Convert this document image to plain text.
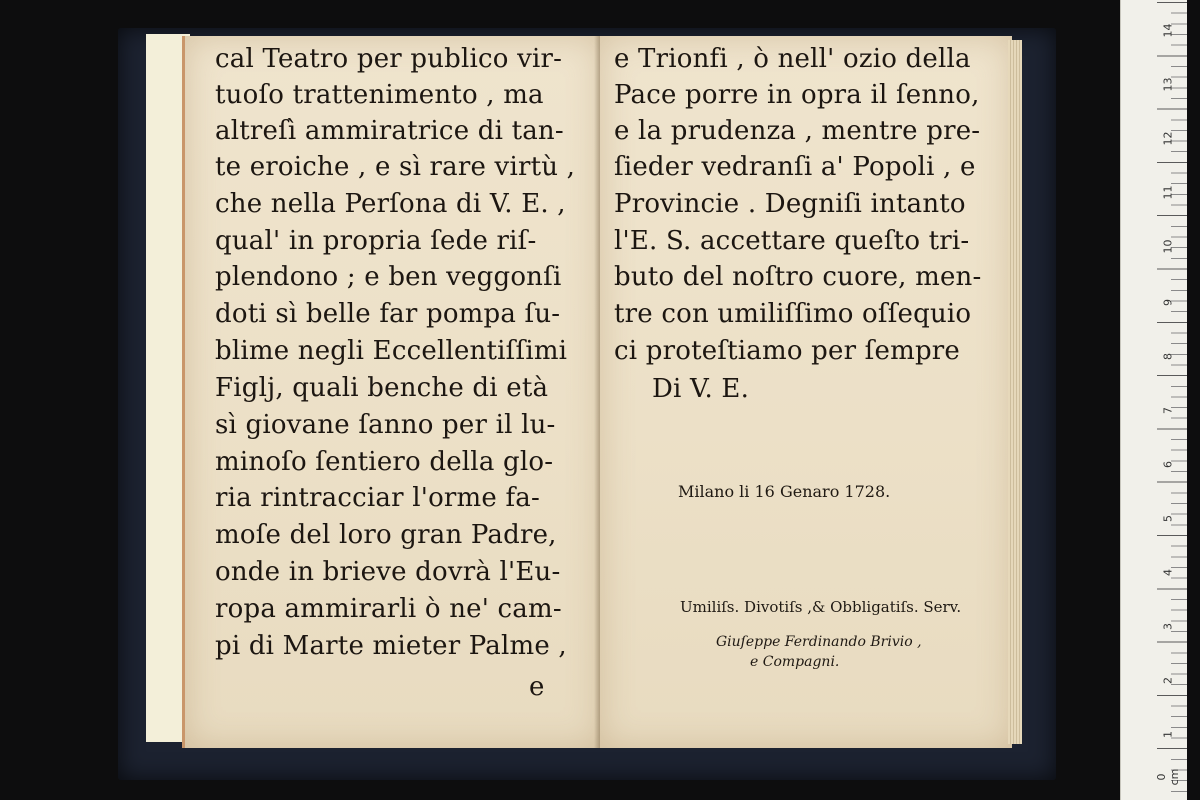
cal Teatro per publico vir-
tuoſo trattenimento , ma
altreſì ammiratrice di tan-
te eroiche , e sì rare virtù ,
che nella Perſona di V. E. ,
qual' in propria ſede riſ-
plendono ; e ben veggonſi
doti sì belle far pompa ſu-
blime negli Eccellentiſſimi
Figlj, quali benche di età
sì giovane ſanno per il lu-
minoſo ſentiero della glo-
ria rintracciar l'orme fa-
moſe del loro gran Padre,
onde in brieve dovrà l'Eu-
ropa ammirarli ò ne' cam-
pi di Marte mieter Palme ,
e
e Trionfi , ò nell' ozio della
Pace porre in opra il ſenno,
e la prudenza , mentre pre-
ſieder vedranſi a' Popoli , e
Provincie . Degniſi intanto
l'E. S. accettare queſto tri-
buto del noſtro cuore, men-
tre con umiliſſimo oſſequio
ci proteſtiamo per ſempre
Di V. E.
Milano li 16 Genaro 1728.
Umiliſs. Divotiſs ,& Obbligatiſs. Serv.
Giuſeppe Ferdinando Brivio ,
e Compagni.
0 cm
1
2
3
4
5
6
7
8
9
10
11
12
13
14
